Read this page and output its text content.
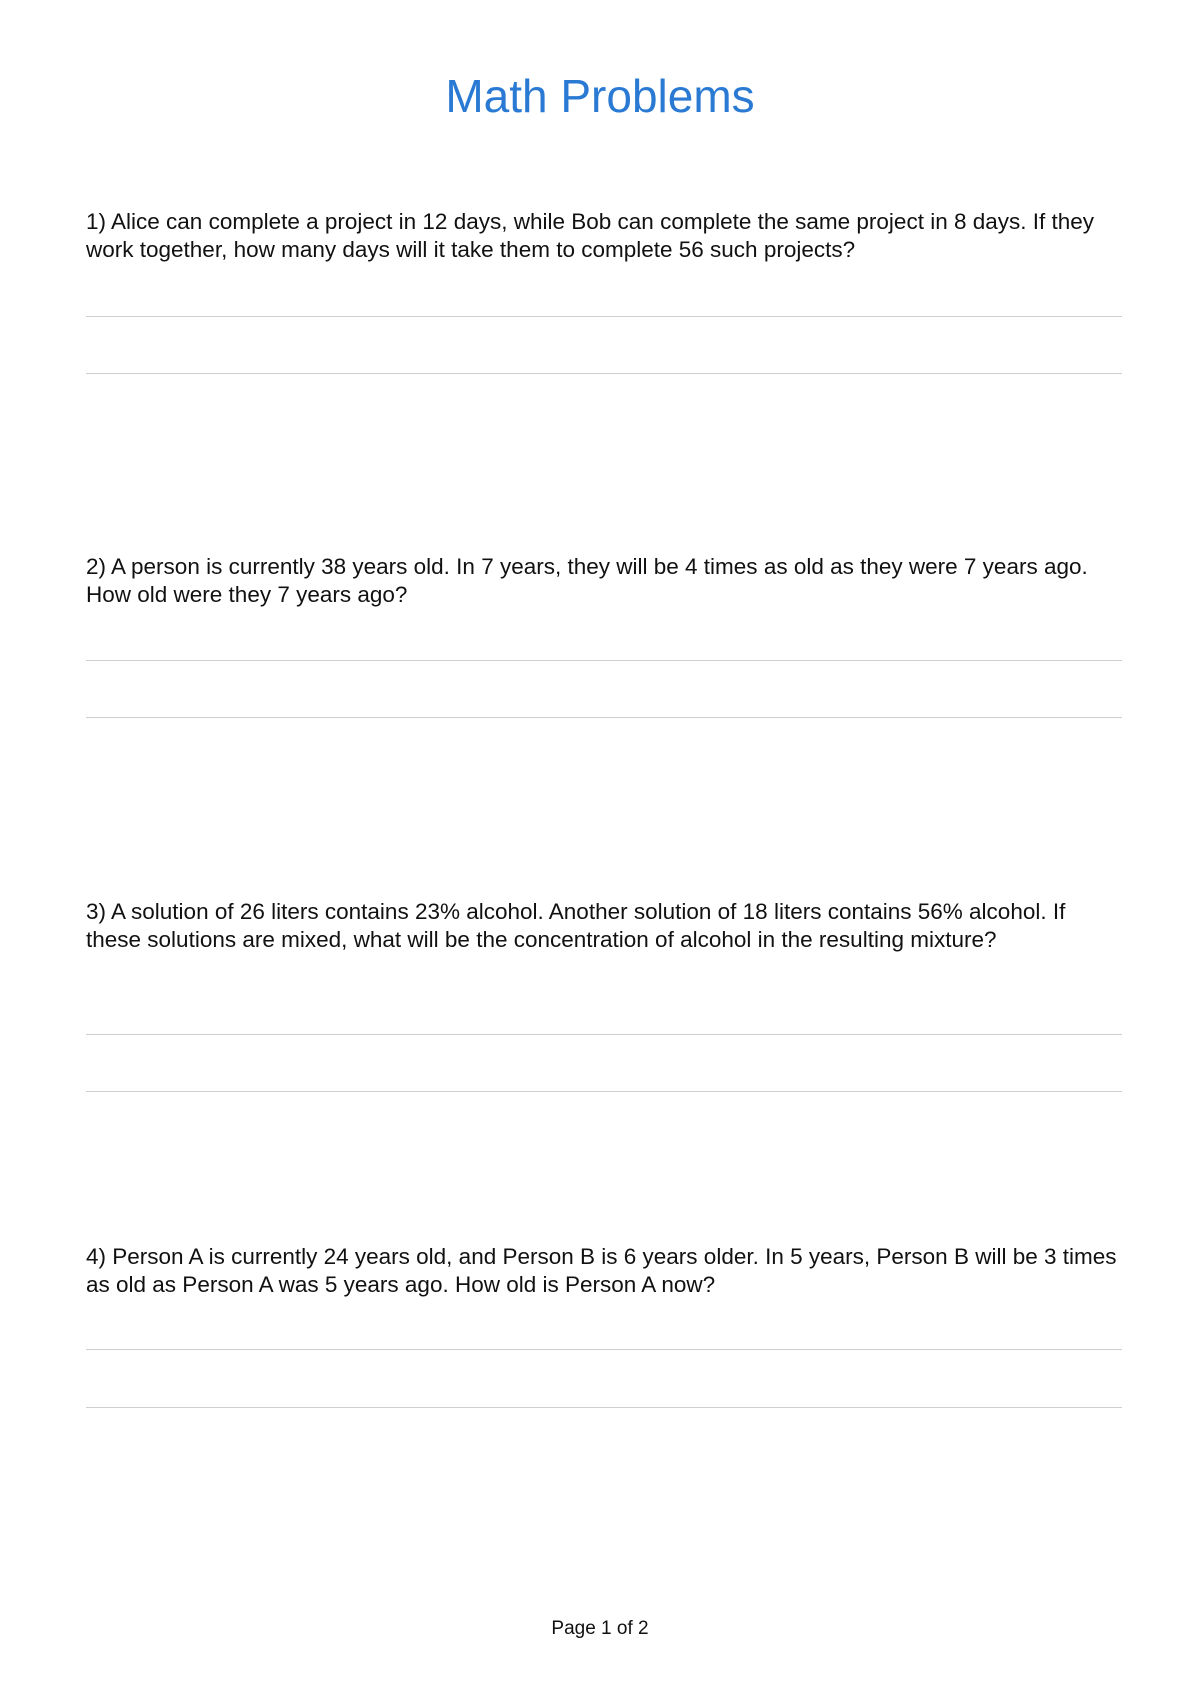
Math Problems

1) Alice can complete a project in 12 days, while Bob can complete the same project in 8 days. If they work together, how many days will it take them to complete 56 such projects?

2) A person is currently 38 years old. In 7 years, they will be 4 times as old as they were 7 years ago. How old were they 7 years ago?

3) A solution of 26 liters contains 23% alcohol. Another solution of 18 liters contains 56% alcohol. If these solutions are mixed, what will be the concentration of alcohol in the resulting mixture?

4) Person A is currently 24 years old, and Person B is 6 years older. In 5 years, Person B will be 3 times as old as Person A was 5 years ago. How old is Person A now?

Page 1 of 2
